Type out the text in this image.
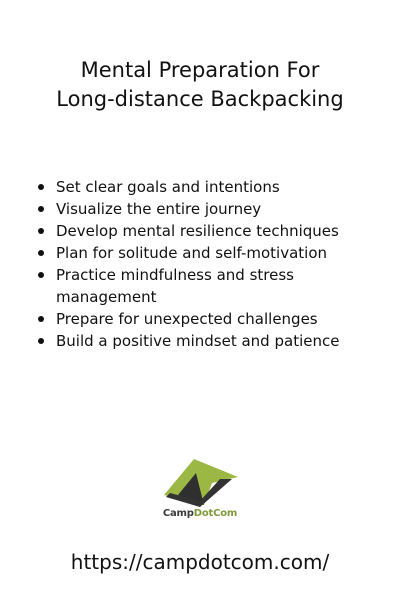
Mental Preparation For
Long-distance Backpacking
Set clear goals and intentions
Visualize the entire journey
Develop mental resilience techniques
Plan for solitude and self-motivation
Practice mindfulness and stress management
Prepare for unexpected challenges
Build a positive mindset and patience
CampDotCom

https://campdotcom.com/
